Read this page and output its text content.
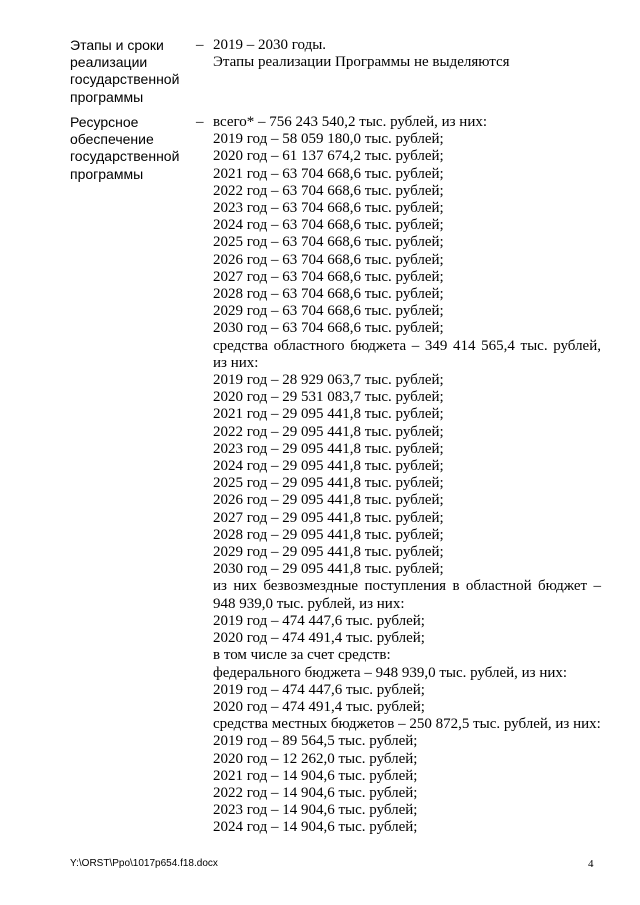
Этапы и сроки
реализации
государственной
программы
– 2019 – 2030 годы.
Этапы реализации Программы не выделяются
Ресурсное
обеспечение
государственной
программы
– всего* – 756 243 540,2 тыс. рублей, из них:
2019 год – 58 059 180,0 тыс. рублей;
2020 год – 61 137 674,2 тыс. рублей;
2021 год – 63 704 668,6 тыс. рублей;
2022 год – 63 704 668,6 тыс. рублей;
2023 год – 63 704 668,6 тыс. рублей;
2024 год – 63 704 668,6 тыс. рублей;
2025 год – 63 704 668,6 тыс. рублей;
2026 год – 63 704 668,6 тыс. рублей;
2027 год – 63 704 668,6 тыс. рублей;
2028 год – 63 704 668,6 тыс. рублей;
2029 год – 63 704 668,6 тыс. рублей;
2030 год – 63 704 668,6 тыс. рублей;
средства областного бюджета – 349 414 565,4 тыс. рублей,
из них:
2019 год – 28 929 063,7 тыс. рублей;
2020 год – 29 531 083,7 тыс. рублей;
2021 год – 29 095 441,8 тыс. рублей;
2022 год – 29 095 441,8 тыс. рублей;
2023 год – 29 095 441,8 тыс. рублей;
2024 год – 29 095 441,8 тыс. рублей;
2025 год – 29 095 441,8 тыс. рублей;
2026 год – 29 095 441,8 тыс. рублей;
2027 год – 29 095 441,8 тыс. рублей;
2028 год – 29 095 441,8 тыс. рублей;
2029 год – 29 095 441,8 тыс. рублей;
2030 год – 29 095 441,8 тыс. рублей;
из них безвозмездные поступления в областной бюджет –
948 939,0 тыс. рублей, из них:
2019 год – 474 447,6 тыс. рублей;
2020 год – 474 491,4 тыс. рублей;
в том числе за счет средств:
федерального бюджета – 948 939,0 тыс. рублей, из них:
2019 год – 474 447,6 тыс. рублей;
2020 год – 474 491,4 тыс. рублей;
средства местных бюджетов – 250 872,5 тыс. рублей, из них:
2019 год – 89 564,5 тыс. рублей;
2020 год – 12 262,0 тыс. рублей;
2021 год – 14 904,6 тыс. рублей;
2022 год – 14 904,6 тыс. рублей;
2023 год – 14 904,6 тыс. рублей;
2024 год – 14 904,6 тыс. рублей;
Y:\ORST\Ppo\1017p654.f18.docx	4
